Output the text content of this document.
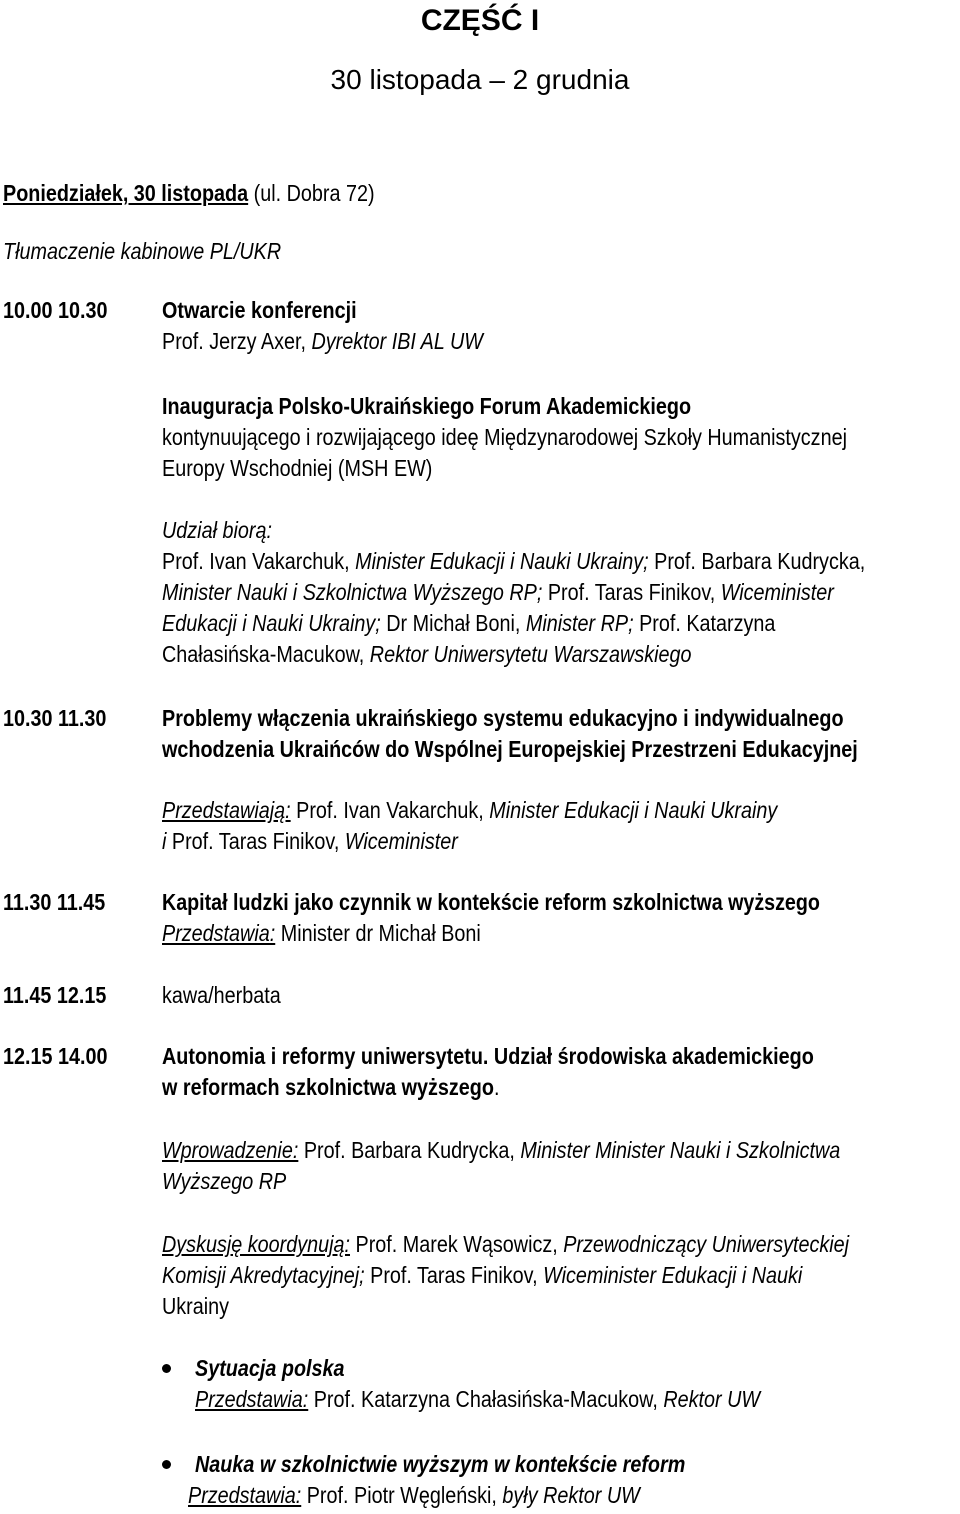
CZĘŚĆ I
30 listopada – 2 grudnia
Poniedziałek, 30 listopada (ul. Dobra 72)
Tłumaczenie kabinowe PL/UKR
10.00 10.30	Otwarcie konferencji
Prof. Jerzy Axer, Dyrektor IBI AL UW
Inauguracja Polsko-Ukraińskiego Forum Akademickiego
kontynuującego i rozwijającego ideę Międzynarodowej Szkoły Humanistycznej
Europy Wschodniej (MSH EW)
Udział biorą:
Prof. Ivan Vakarchuk, Minister Edukacji i Nauki Ukrainy; Prof. Barbara Kudrycka,
Minister Nauki i Szkolnictwa Wyższego RP; Prof. Taras Finikov, Wiceminister
Edukacji i Nauki Ukrainy; Dr Michał Boni, Minister RP; Prof. Katarzyna
Chałasińska-Macukow, Rektor Uniwersytetu Warszawskiego
10.30 11.30	Problemy włączenia ukraińskiego systemu edukacyjno i indywidualnego
wchodzenia Ukraińców do Wspólnej Europejskiej Przestrzeni Edukacyjnej
Przedstawiają: Prof. Ivan Vakarchuk, Minister Edukacji i Nauki Ukrainy
i Prof. Taras Finikov, Wiceminister
11.30 11.45	Kapitał ludzki jako czynnik w kontekście reform szkolnictwa wyższego
Przedstawia: Minister dr Michał Boni
11.45 12.15	kawa/herbata
12.15 14.00	Autonomia i reformy uniwersytetu. Udział środowiska akademickiego
w reformach szkolnictwa wyższego.
Wprowadzenie: Prof. Barbara Kudrycka, Minister Minister Nauki i Szkolnictwa
Wyższego RP
Dyskusję koordynują: Prof. Marek Wąsowicz, Przewodniczący Uniwersyteckiej
Komisji Akredytacyjnej; Prof. Taras Finikov, Wiceminister Edukacji i Nauki
Ukrainy
Sytuacja polska
Przedstawia: Prof. Katarzyna Chałasińska-Macukow, Rektor UW
Nauka w szkolnictwie wyższym w kontekście reform
Przedstawia: Prof. Piotr Węgleński, były Rektor UW
